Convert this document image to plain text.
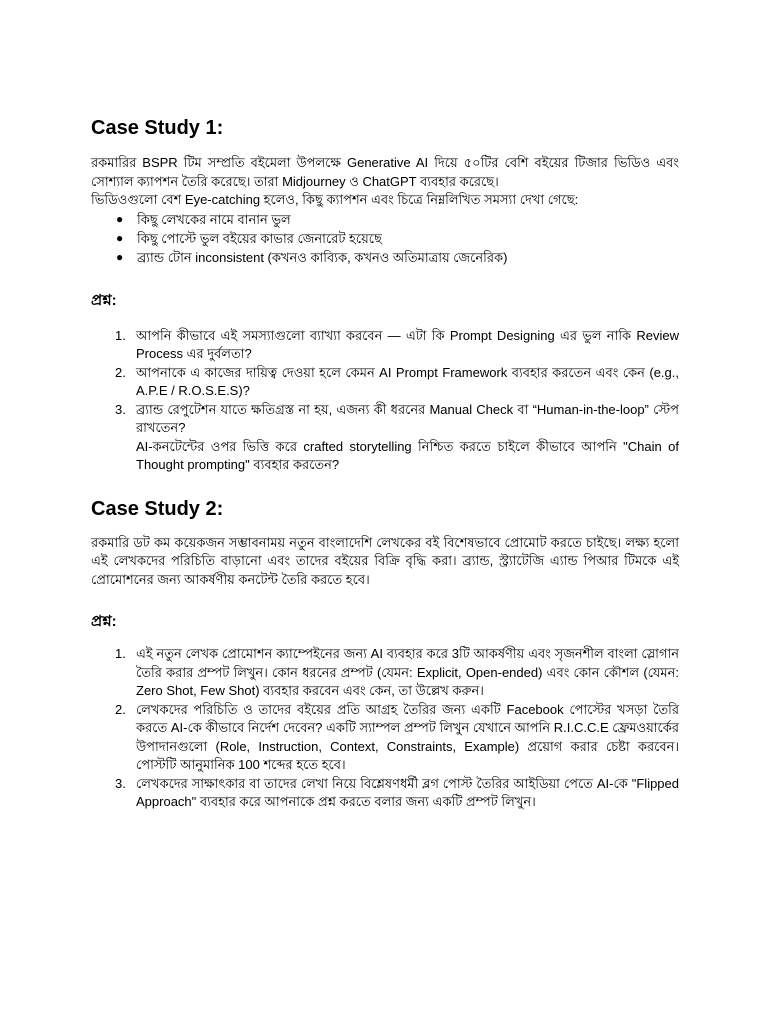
Case Study 1:

রকমারির BSPR টিম সম্প্রতি বইমেলা উপলক্ষে Generative AI দিয়ে ৫০টির বেশি বইয়ের টিজার ভিডিও এবং সোশ্যাল ক্যাপশন তৈরি করেছে। তারা Midjourney ও ChatGPT ব্যবহার করেছে।

ভিডিওগুলো বেশ Eye-catching হলেও, কিছু ক্যাপশন এবং চিত্রে নিম্নলিখিত সমস্যা দেখা গেছে:

● কিছু লেখকের নামে বানান ভুল
● কিছু পোস্টে ভুল বইয়ের কাভার জেনারেট হয়েছে
● ব্র্যান্ড টোন inconsistent (কখনও কাব্যিক, কখনও অতিমাত্রায় জেনেরিক)
প্রশ্ন:
1. আপনি কীভাবে এই সমস্যাগুলো ব্যাখ্যা করবেন — এটা কি Prompt Designing এর ভুল নাকি Review Process এর দুর্বলতা?
2. আপনাকে এ কাজের দায়িত্ব দেওয়া হলে কেমন AI Prompt Framework ব্যবহার করতেন এবং কেন (e.g., A.P.E / R.O.S.E.S)?
3. ব্র্যান্ড রেপুটেশন যাতে ক্ষতিগ্রস্ত না হয়, এজন্য কী ধরনের Manual Check বা “Human-in-the-loop” স্টেপ রাখতেন?
AI-কনটেন্টের ওপর ভিত্তি করে crafted storytelling নিশ্চিত করতে চাইলে কীভাবে আপনি "Chain of Thought prompting" ব্যবহার করতেন?
Case Study 2:

রকমারি ডট কম কয়েকজন সম্ভাবনাময় নতুন বাংলাদেশি লেখকের বই বিশেষভাবে প্রোমোট করতে চাইছে। লক্ষ্য হলো এই লেখকদের পরিচিতি বাড়ানো এবং তাদের বইয়ের বিক্রি বৃদ্ধি করা। ব্র্যান্ড, স্ট্র্যাটেজি এ্যান্ড পিআর টিমকে এই প্রোমোশনের জন্য আকর্ষণীয় কনটেন্ট তৈরি করতে হবে।

প্রশ্ন:
1. এই নতুন লেখক প্রোমোশন ক্যাম্পেইনের জন্য AI ব্যবহার করে 3টি আকর্ষণীয় এবং সৃজনশীল বাংলা স্লোগান তৈরি করার প্রম্পট লিখুন। কোন ধরনের প্রম্পট (যেমন: Explicit, Open-ended) এবং কোন কৌশল (যেমন: Zero Shot, Few Shot) ব্যবহার করবেন এবং কেন, তা উল্লেখ করুন।
2. লেখকদের পরিচিতি ও তাদের বইয়ের প্রতি আগ্রহ তৈরির জন্য একটি Facebook পোস্টের খসড়া তৈরি করতে AI-কে কীভাবে নির্দেশ দেবেন? একটি স্যাম্পল প্রম্পট লিখুন যেখানে আপনি R.I.C.C.E ফ্রেমওয়ার্কের উপাদানগুলো (Role, Instruction, Context, Constraints, Example) প্রয়োগ করার চেষ্টা করবেন। পোস্টটি আনুমানিক 100 শব্দের হতে হবে।
3. লেখকদের সাক্ষাৎকার বা তাদের লেখা নিয়ে বিশ্লেষণধর্মী ব্লগ পোস্ট তৈরির আইডিয়া পেতে AI-কে "Flipped Approach" ব্যবহার করে আপনাকে প্রশ্ন করতে বলার জন্য একটি প্রম্পট লিখুন।
